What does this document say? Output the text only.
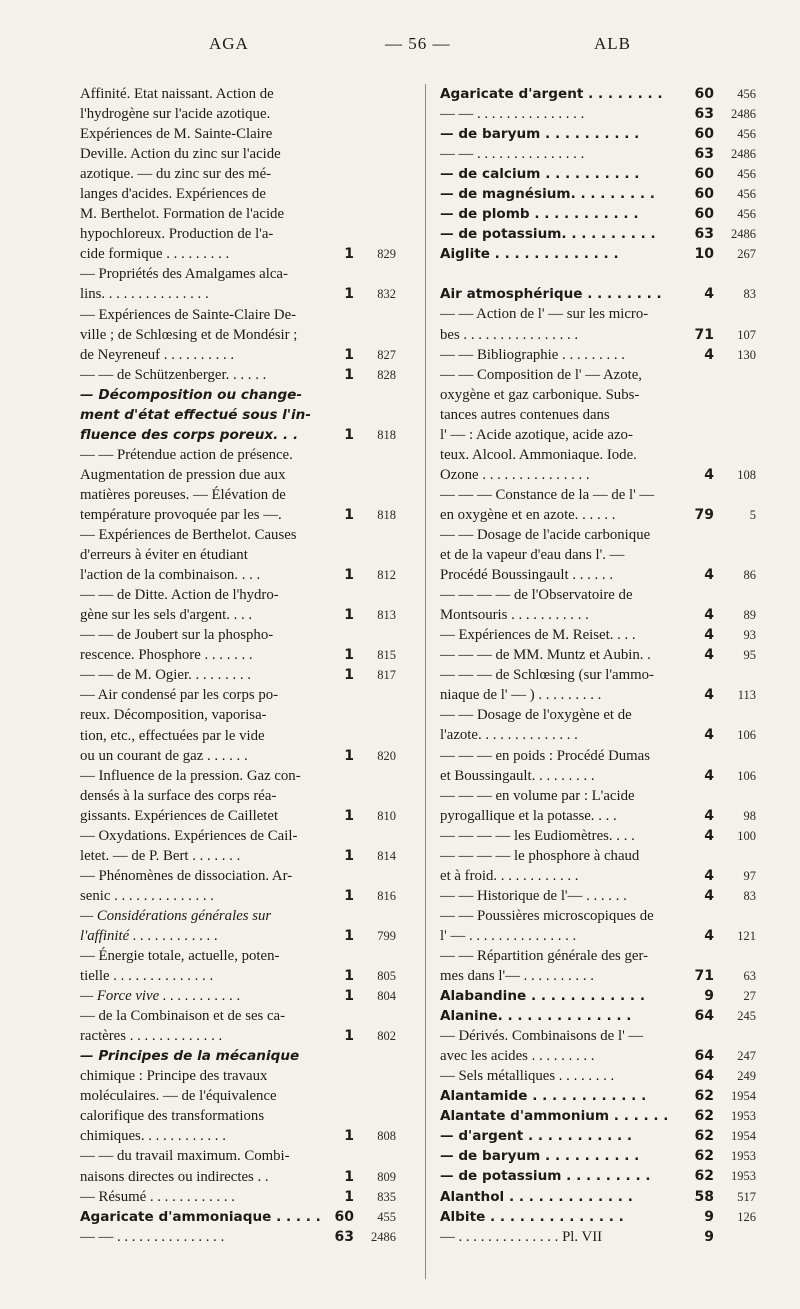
AGA	— 56 —	ALB
Affinité. Etat naissant. Action de
l'hydrogène sur l'acide azotique.
Expériences de M. Sainte-Claire
Deville. Action du zinc sur l'acide
azotique. — du zinc sur des mé-
langes d'acides. Expériences de
M. Berthelot. Formation de l'acide
hypochloreux. Production de l'a-
cide formique . . . . . . . . .	1	829
— Propriétés des Amalgames alca-
lins. . . . . . . . . . . . . . .	1	832
— Expériences de Sainte-Claire De-
ville ; de Schlœsing et de Mondésir ;
de Neyreneuf . . . . . . . . . .	1	827
— — de Schützenberger. . . . . .	1	828
— Décomposition ou change-
ment d'état effectué sous l'in-
fluence des corps poreux. . .	1	818
— — Prétendue action de présence.
Augmentation de pression due aux
matières poreuses. — Élévation de
température provoquée par les —.	1	818
— Expériences de Berthelot. Causes
d'erreurs à éviter en étudiant
l'action de la combinaison. . . .	1	812
— — de Ditte. Action de l'hydro-
gène sur les sels d'argent. . . .	1	813
— — de Joubert sur la phospho-
rescence. Phosphore . . . . . . .	1	815
— — de M. Ogier. . . . . . . . .	1	817
— Air condensé par les corps po-
reux. Décomposition, vaporisa-
tion, etc., effectuées par le vide
ou un courant de gaz . . . . . .	1	820
— Influence de la pression. Gaz con-
densés à la surface des corps réa-
gissants. Expériences de Cailletet	1	810
— Oxydations. Expériences de Cail-
letet. — de P. Bert . . . . . . .	1	814
— Phénomènes de dissociation. Ar-
senic . . . . . . . . . . . . . .	1	816
— Considérations générales sur
l'affinité . . . . . . . . . . . .	1	799
— Énergie totale, actuelle, poten-
tielle . . . . . . . . . . . . . .	1	805
— Force vive . . . . . . . . . . .	1	804
— de la Combinaison et de ses ca-
ractères . . . . . . . . . . . . .	1	802
— Principes de la mécanique
chimique : Principe des travaux
moléculaires. — de l'équivalence
calorifique des transformations
chimiques. . . . . . . . . . . .	1	808
— — du travail maximum. Combi-
naisons directes ou indirectes . .	1	809
— Résumé . . . . . . . . . . . .	1	835
Agaricate d'ammoniaque . . . . . 60	455
— — . . . . . . . . . . . . . . .	63	2486
Agaricate d'argent . . . . . . . .	60	456
— — . . . . . . . . . . . . . . .	63	2486
— de baryum . . . . . . . . . .	60	456
— — . . . . . . . . . . . . . . .	63	2486
— de calcium . . . . . . . . . .	60	456
— de magnésium. . . . . . . . .	60	456
— de plomb . . . . . . . . . . .	60	456
— de potassium. . . . . . . . . .	63	2486
Aiglite . . . . . . . . . . . . .	10	267
Air atmosphérique . . . . . . . .	4	83
— — Action de l' — sur les micro-
bes . . . . . . . . . . . . . . . .	71	107
— — Bibliographie . . . . . . . . .	4	130
— — Composition de l' — Azote,
oxygène et gaz carbonique. Subs-
tances autres contenues dans
l' — : Acide azotique, acide azo-
teux. Alcool. Ammoniaque. Iode.
Ozone . . . . . . . . . . . . . . .	4	108
— — — Constance de la — de l' —
en oxygène et en azote. . . . . .	79	5
— — Dosage de l'acide carbonique
et de la vapeur d'eau dans l'. —
Procédé Boussingault . . . . . .	4	86
— — — — de l'Observatoire de
Montsouris . . . . . . . . . . .	4	89
— Expériences de M. Reiset. . . .	4	93
— — — de MM. Muntz et Aubin. .	4	95
— — — de Schlœsing (sur l'ammo-
niaque de l' — ) . . . . . . . . .	4	113
— — Dosage de l'oxygène et de
l'azote. . . . . . . . . . . . . .	4	106
— — — en poids : Procédé Dumas
et Boussingault. . . . . . . . .	4	106
— — — en volume par : L'acide
pyrogallique et la potasse. . . .	4	98
— — — — les Eudiomètres. . . .	4	100
— — — — le phosphore à chaud
et à froid. . . . . . . . . . . .	4	97
— — Historique de l'— . . . . . .	4	83
— — Poussières microscopiques de
l' — . . . . . . . . . . . . . . .	4	121
— — Répartition générale des ger-
mes dans l'— . . . . . . . . . .	71	63
Alabandine . . . . . . . . . . . .	9	27
Alanine. . . . . . . . . . . . . .	64	245
— Dérivés. Combinaisons de l' —
avec les acides . . . . . . . . .	64	247
— Sels métalliques . . . . . . . .	64	249
Alantamide . . . . . . . . . . . .	62	1954
Alantate d'ammonium . . . . . .	62	1953
— d'argent . . . . . . . . . . .	62	1954
— de baryum . . . . . . . . . .	62	1953
— de potassium . . . . . . . . .	62	1953
Alanthol . . . . . . . . . . . . .	58	517
Albite . . . . . . . . . . . . . .	9	126
— . . . . . . . . . . . . . . Pl. VII	9
